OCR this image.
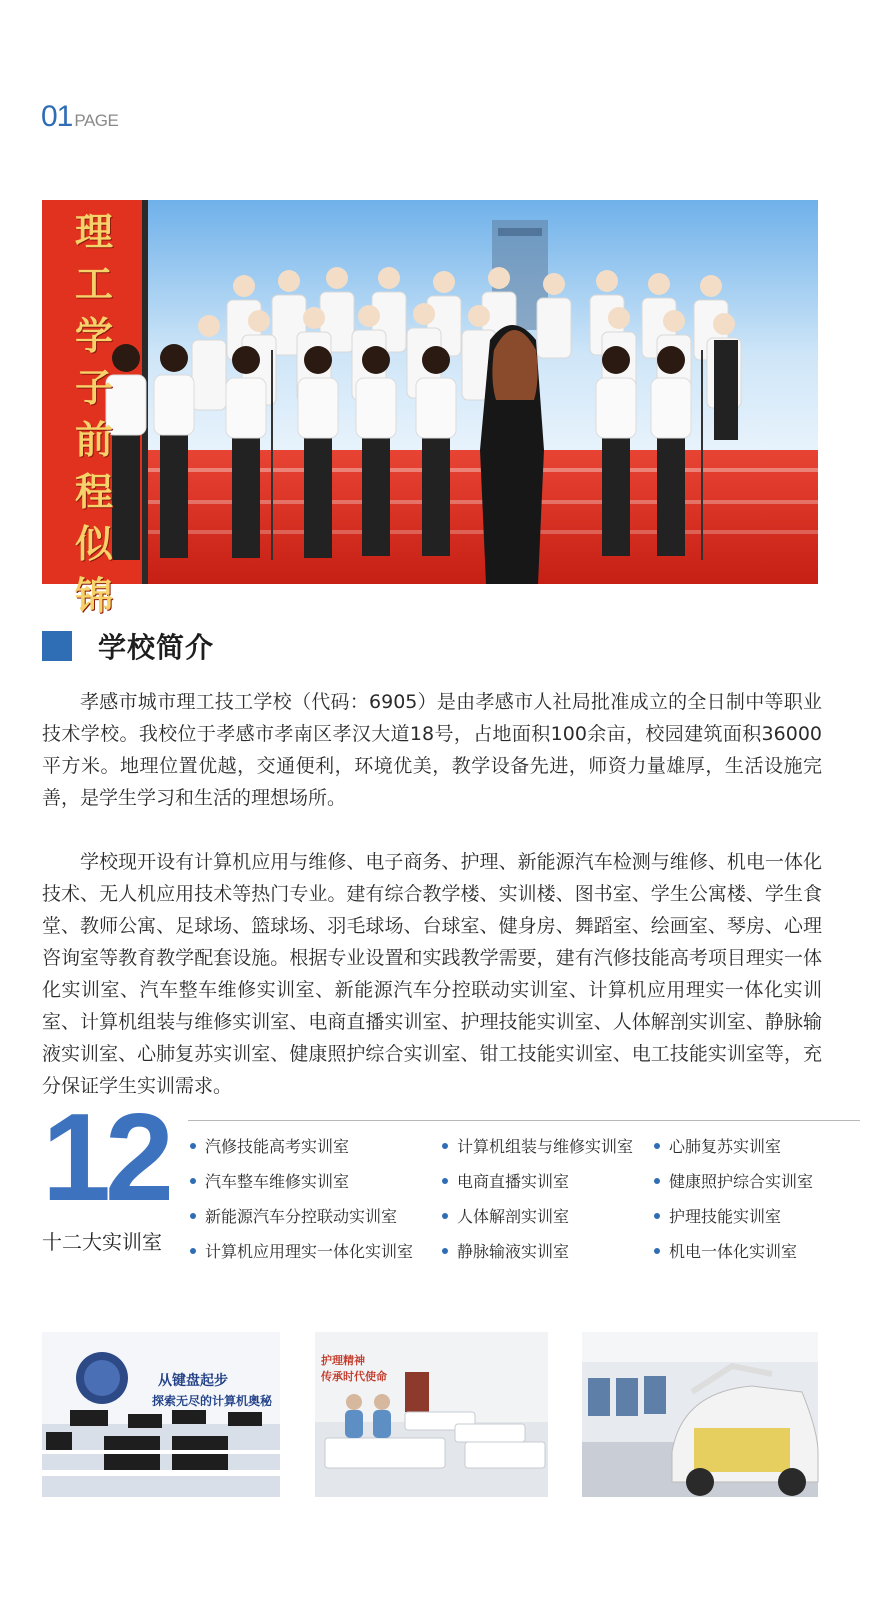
01 PAGE
理
工
学
子
前
程
似
锦
学校简介

孝感市城市理工技工学校（代码：6905）是由孝感市人社局批准成立的全日制中等职业技术学校。我校位于孝感市孝南区孝汉大道18号，占地面积100余亩，校园建筑面积36000平方米。地理位置优越，交通便利，环境优美，教学设备先进，师资力量雄厚，生活设施完善，是学生学习和生活的理想场所。

学校现开设有计算机应用与维修、电子商务、护理、新能源汽车检测与维修、机电一体化技术、无人机应用技术等热门专业。建有综合教学楼、实训楼、图书室、学生公寓楼、学生食堂、教师公寓、足球场、篮球场、羽毛球场、台球室、健身房、舞蹈室、绘画室、琴房、心理咨询室等教育教学配套设施。根据专业设置和实践教学需要，建有汽修技能高考项目理实一体化实训室、汽车整车维修实训室、新能源汽车分控联动实训室、计算机应用理实一体化实训室、计算机组装与维修实训室、电商直播实训室、护理技能实训室、人体解剖实训室、静脉输液实训室、心肺复苏实训室、健康照护综合实训室、钳工技能实训室、电工技能实训室等，充分保证学生实训需求。

12
十二大实训室
汽修技能高考实训室
汽车整车维修实训室
新能源汽车分控联动实训室
计算机应用理实一体化实训室
计算机组装与维修实训室
电商直播实训室
人体解剖实训室
静脉输液实训室
心肺复苏实训室
健康照护综合实训室
护理技能实训室
机电一体化实训室
从键盘起步
探索无尽的计算机奥秘
护理精神
传承时代使命
